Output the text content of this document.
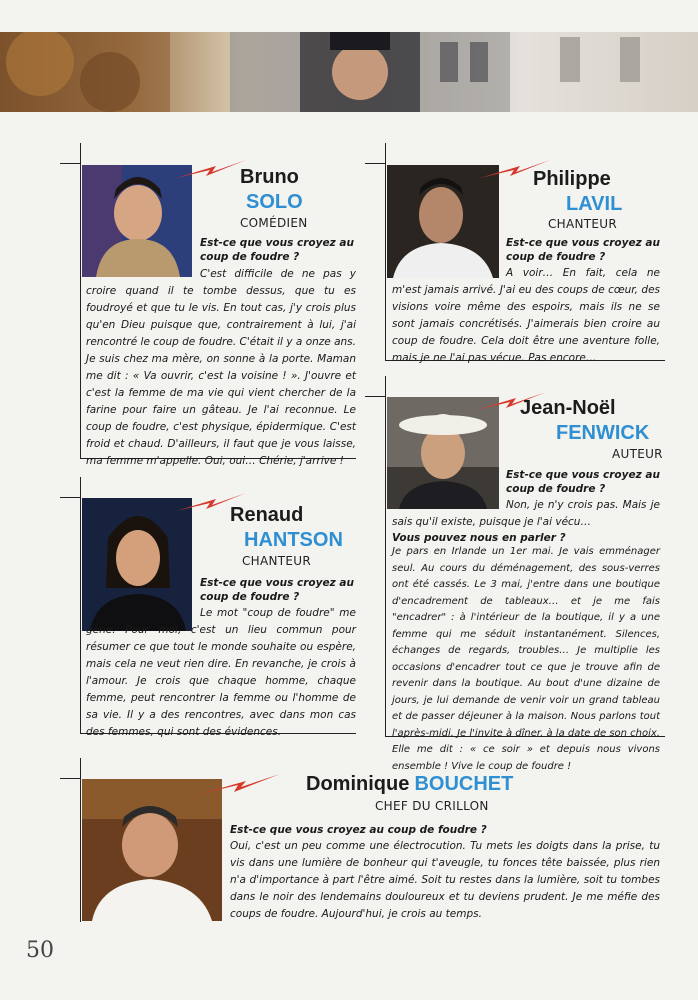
Bruno
SOLO
COMÉDIEN
Est-ce que vous croyez au coup de foudre ?
C'est difficile de ne pas y croire quand il te tombe dessus, que tu es foudroyé et que tu le vis. En tout cas, j'y crois plus qu'en Dieu puisque que, contrairement à lui, j'ai rencontré le coup de foudre. C'était il y a onze ans. Je suis chez ma mère, on sonne à la porte. Maman me dit : « Va ouvrir, c'est la voisine ! ». J'ouvre et c'est la femme de ma vie qui vient chercher de la farine pour faire un gâteau. Je l'ai reconnue. Le coup de foudre, c'est physique, épidermique. C'est froid et chaud. D'ailleurs, il faut que je vous laisse, ma femme m'appelle. Oui, oui… Chérie, j'arrive !
Philippe
LAVIL
CHANTEUR
Est-ce que vous croyez au coup de foudre ?
A voir… En fait, cela ne m'est jamais arrivé. J'ai eu des coups de cœur, des visions voire même des espoirs, mais ils ne se sont jamais concrétisés. J'aimerais bien croire au coup de foudre. Cela doit être une aventure folle, mais je ne l'ai pas vécue. Pas encore…
Jean-Noël
FENWICK
AUTEUR
Est-ce que vous croyez au coup de foudre ?
Non, je n'y crois pas. Mais je sais qu'il existe, puisque je l'ai vécu…
Vous pouvez nous en parler ?
Je pars en Irlande un 1er mai. Je vais emménager seul. Au cours du déménagement, des sous-verres ont été cassés. Le 3 mai, j'entre dans une boutique d'encadrement de tableaux… et je me fais "encadrer" : à l'intérieur de la boutique, il y a une femme qui me séduit instantanément. Silences, échanges de regards, troubles… Je multiplie les occasions d'encadrer tout ce que je trouve afin de revenir dans la boutique. Au bout d'une dizaine de jours, je lui demande de venir voir un grand tableau et de passer déjeuner à la maison. Nous parlons tout l'après-midi. Je l'invite à dîner, à la date de son choix. Elle me dit : « ce soir » et depuis nous vivons ensemble ! Vive le coup de foudre !
Renaud
HANTSON
CHANTEUR
Est-ce que vous croyez au coup de foudre ?
Le mot "coup de foudre" me gêne. Pour moi, c'est un lieu commun pour résumer ce que tout le monde souhaite ou espère, mais cela ne veut rien dire. En revanche, je crois à l'amour. Je crois que chaque homme, chaque femme, peut rencontrer la femme ou l'homme de sa vie. Il y a des rencontres, avec dans mon cas des femmes, qui sont des évidences.
Dominique BOUCHET
CHEF DU CRILLON
Est-ce que vous croyez au coup de foudre ?
Oui, c'est un peu comme une électrocution. Tu mets les doigts dans la prise, tu vis dans une lumière de bonheur qui t'aveugle, tu fonces tête baissée, plus rien n'a d'importance à part l'être aimé. Soit tu restes dans la lumière, soit tu tombes dans le noir des lendemains douloureux et tu deviens prudent. Je me méfie des coups de foudre. Aujourd'hui, je crois au temps.
50
